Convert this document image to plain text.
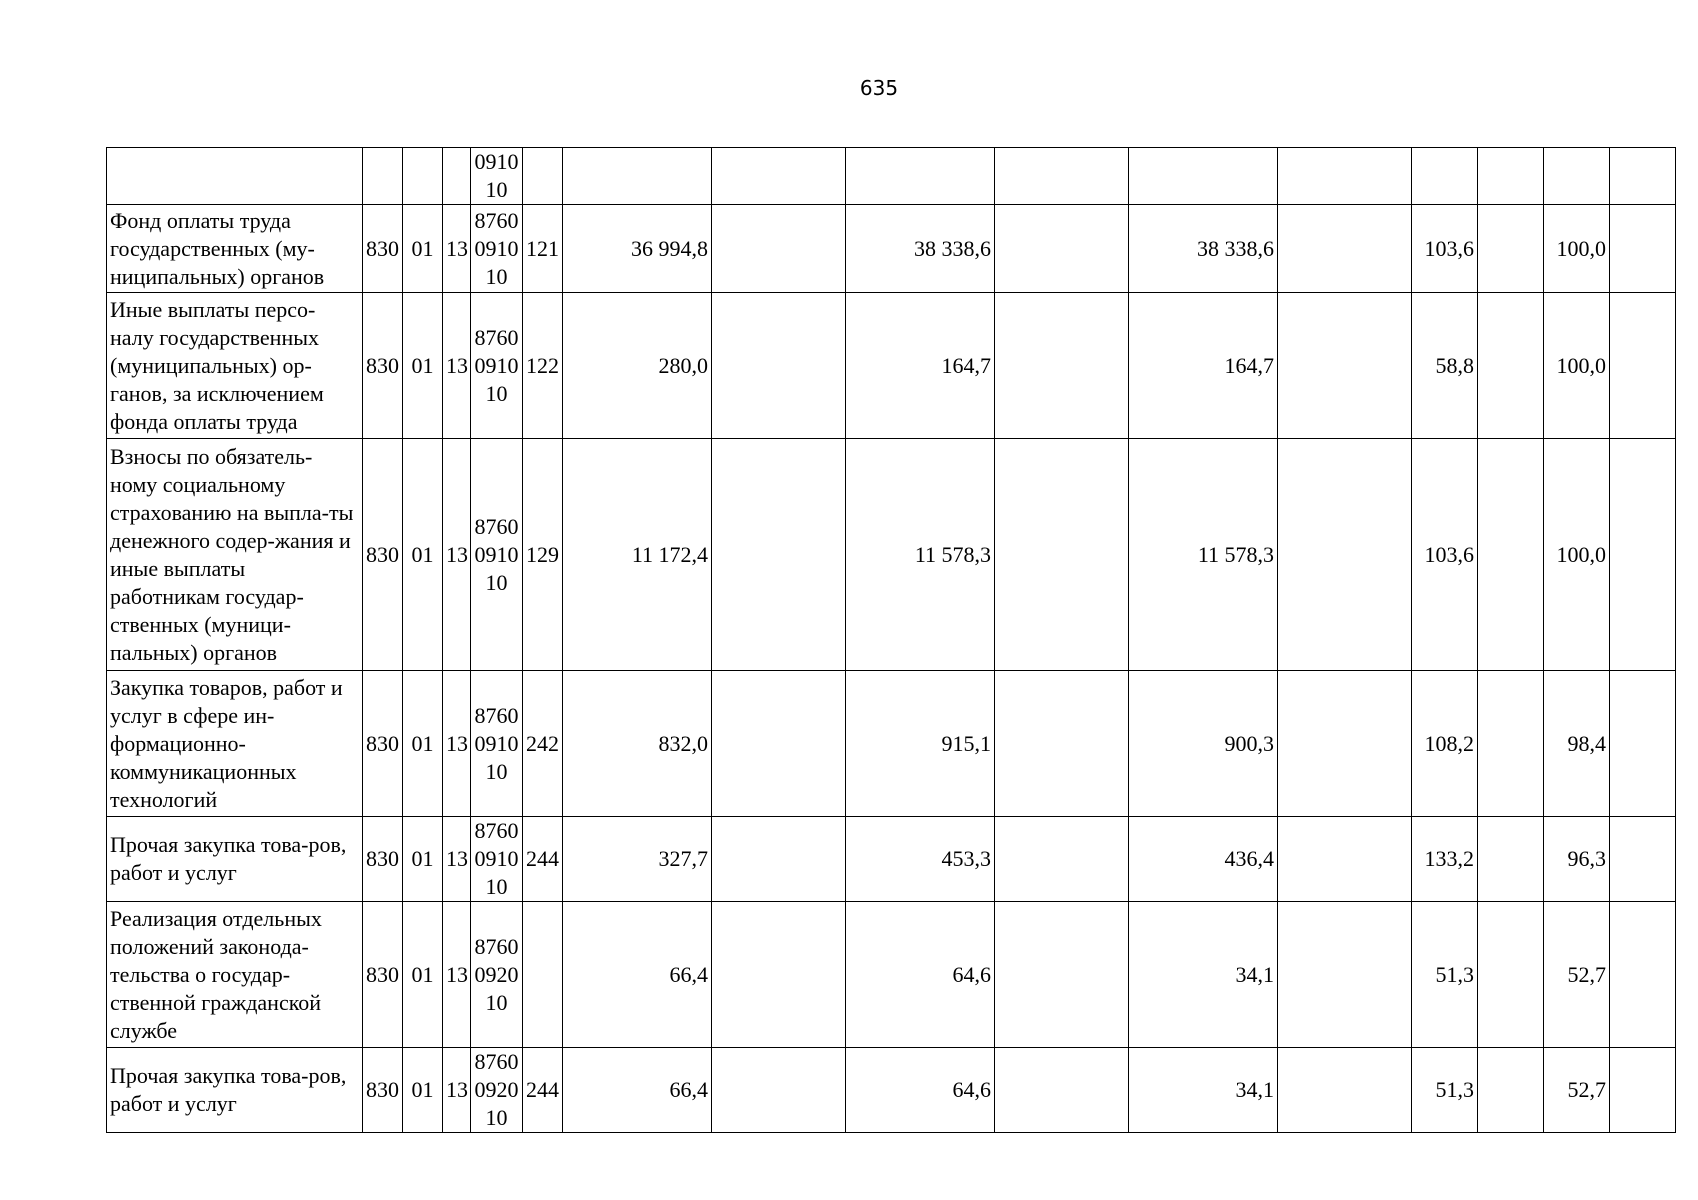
635
				0910
10											
Фонд оплаты труда государственных (му-ниципальных) органов	830	01	13	8760
0910
10	121	36 994,8		38 338,6		38 338,6		103,6		100,0	
Иные выплаты персо-налу государственных (муниципальных) ор-ганов, за исключением фонда оплаты труда	830	01	13	8760
0910
10	122	280,0		164,7		164,7		58,8		100,0	
Взносы по обязатель-ному социальному страхованию на выпла-ты денежного содер-жания и иные выплаты работникам государ-ственных (муници-пальных) органов	830	01	13	8760
0910
10	129	11 172,4		11 578,3		11 578,3		103,6		100,0	
Закупка товаров, работ и услуг в сфере ин-формационно-коммуникационных технологий	830	01	13	8760
0910
10	242	832,0		915,1		900,3		108,2		98,4	
Прочая закупка това-ров, работ и услуг	830	01	13	8760
0910
10	244	327,7		453,3		436,4		133,2		96,3	
Реализация отдельных положений законода-тельства о государ-ственной гражданской службе	830	01	13	8760
0920
10		66,4		64,6		34,1		51,3		52,7	
Прочая закупка това-ров, работ и услуг	830	01	13	8760
0920
10	244	66,4		64,6		34,1		51,3		52,7	
